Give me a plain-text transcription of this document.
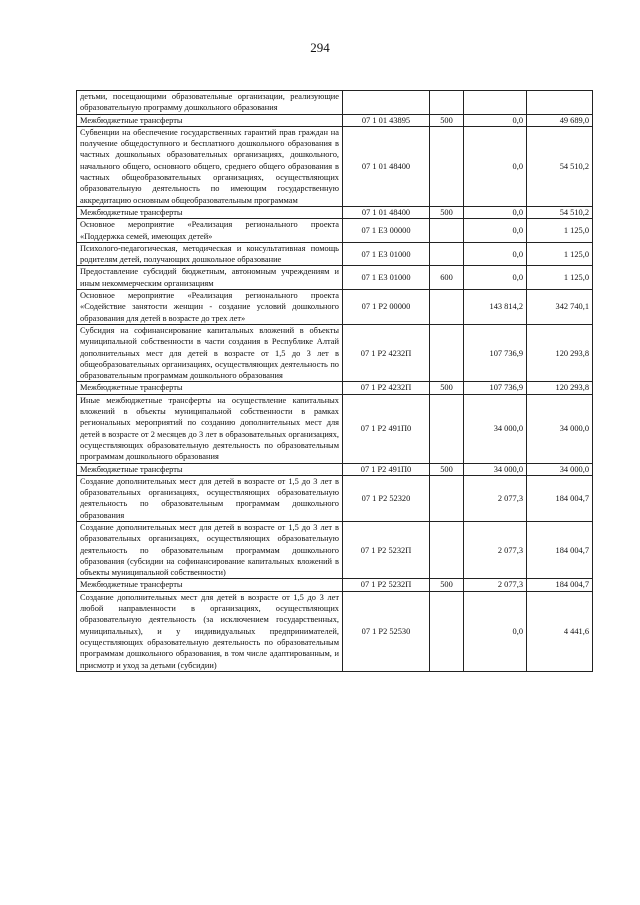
294
детьми, посещающими образовательные организации, реализующие образовательную программу дошкольного образования				
Межбюджетные трансферты	07 1 01 43895	500	0,0	49 689,0
Субвенции на обеспечение государственных гарантий прав граждан на получение общедоступного и бесплатного дошкольного образования в частных дошкольных образовательных организациях, дошкольного, начального общего, основного общего, среднего общего образования в частных общеобразовательных организациях, осуществляющих образовательную деятельность по имеющим государственную аккредитацию основным общеобразовательным программам	07 1 01 48400		0,0	54 510,2
Межбюджетные трансферты	07 1 01 48400	500	0,0	54 510,2
Основное мероприятие «Реализация регионального проекта «Поддержка семей, имеющих детей»	07 1 E3 00000		0,0	1 125,0
Психолого-педагогическая, методическая и консультативная помощь родителям детей, получающих дошкольное образование	07 1 E3 01000		0,0	1 125,0
Предоставление субсидий бюджетным, автономным учреждениям и иным некоммерческим организациям	07 1 E3 01000	600	0,0	1 125,0
Основное мероприятие «Реализация регионального проекта «Содействие занятости женщин - создание условий дошкольного образования для детей в возрасте до трех лет»	07 1 P2 00000		143 814,2	342 740,1
Субсидия на софинансирование капитальных вложений в объекты муниципальной собственности в части создания в Республике Алтай дополнительных мест для детей в возрасте от 1,5 до 3 лет в общеобразовательных организациях, осуществляющих деятельность по образовательным программам дошкольного образования	07 1 P2 4232П		107 736,9	120 293,8
Межбюджетные трансферты	07 1 P2 4232П	500	107 736,9	120 293,8
Иные межбюджетные трансферты на осуществление капитальных вложений в объекты муниципальной собственности в рамках региональных мероприятий по созданию дополнительных мест для детей в возрасте от 2 месяцев до 3 лет в образовательных организациях, осуществляющих образовательную деятельность по образовательным программам дошкольного образования	07 1 P2 491П0		34 000,0	34 000,0
Межбюджетные трансферты	07 1 P2 491П0	500	34 000,0	34 000,0
Создание дополнительных мест для детей в возрасте от 1,5 до 3 лет в образовательных организациях, осуществляющих образовательную деятельность по образовательным программам дошкольного образования	07 1 P2 52320		2 077,3	184 004,7
Создание дополнительных мест для детей в возрасте от 1,5 до 3 лет в образовательных организациях, осуществляющих образовательную деятельность по образовательным программам дошкольного образования (субсидии на софинансирование капитальных вложений в объекты муниципальной собственности)	07 1 P2 5232П		2 077,3	184 004,7
Межбюджетные трансферты	07 1 P2 5232П	500	2 077,3	184 004,7
Создание дополнительных мест для детей в возрасте от 1,5 до 3 лет любой направленности в организациях, осуществляющих образовательную деятельность (за исключением государственных, муниципальных), и у индивидуальных предпринимателей, осуществляющих образовательную деятельность по образовательным программам дошкольного образования, в том числе адаптированным, и присмотр и уход за детьми (субсидии)	07 1 P2 52530		0,0	4 441,6
